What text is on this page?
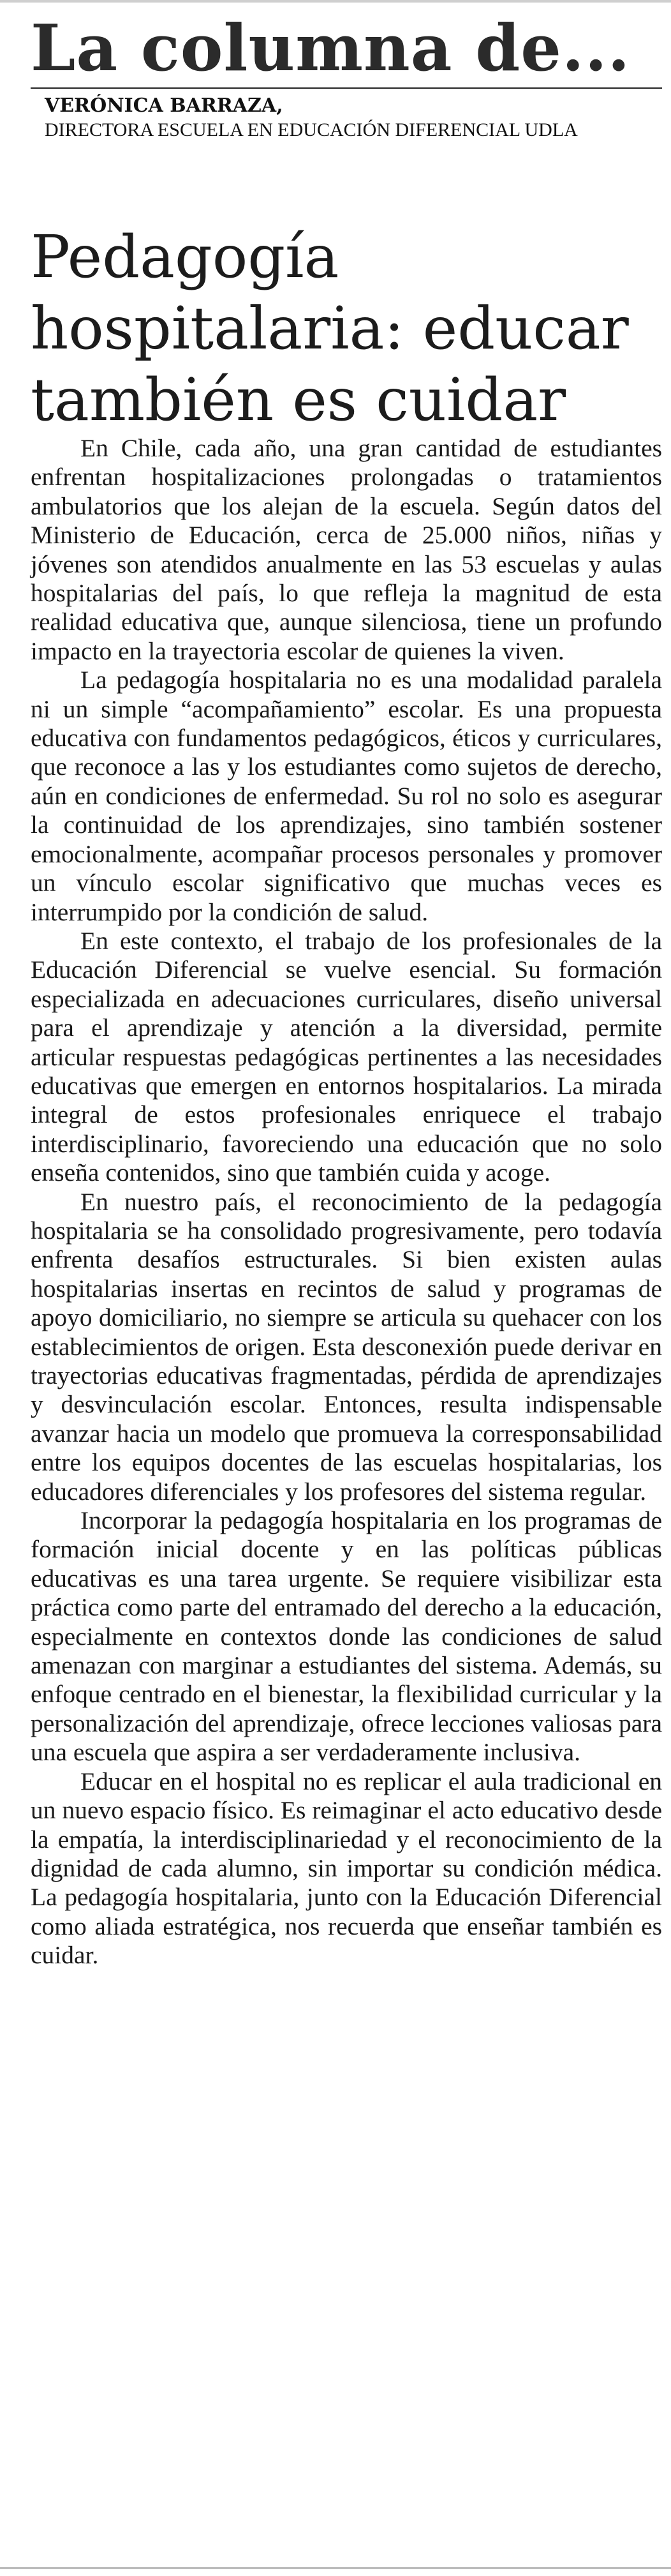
La columna de...
VERÓNICA BARRAZA,
DIRECTORA ESCUELA EN EDUCACIÓN DIFERENCIAL UDLA
Pedagogía
hospitalaria: educar
también es cuidar

En Chile, cada año, una gran cantidad de estudiantes enfrentan hospitalizaciones prolongadas o tratamientos ambulatorios que los alejan de la escuela. Según datos del Ministerio de Educación, cerca de 25.000 niños, niñas y jóvenes son atendidos anualmente en las 53 escuelas y aulas hospitalarias del país, lo que refleja la magnitud de esta realidad educativa que, aunque silenciosa, tiene un profundo impacto en la trayectoria escolar de quienes la viven.

La pedagogía hospitalaria no es una modalidad paralela ni un simple “acompañamiento” escolar. Es una propuesta educativa con fundamentos pedagógicos, éticos y curriculares, que reconoce a las y los estudiantes como sujetos de derecho, aún en condiciones de enfermedad. Su rol no solo es asegurar la continuidad de los aprendizajes, sino también sostener emocionalmente, acompañar procesos personales y promover un vínculo escolar significativo que muchas veces es interrumpido por la condición de salud.

En este contexto, el trabajo de los profesionales de la Educación Diferencial se vuelve esencial. Su formación especializada en adecuaciones curriculares, diseño universal para el aprendizaje y atención a la diversidad, permite articular respuestas pedagógicas pertinentes a las necesidades educativas que emergen en entornos hospitalarios. La mirada integral de estos profesionales enriquece el trabajo interdisciplinario, favoreciendo una educación que no solo enseña contenidos, sino que también cuida y acoge.

En nuestro país, el reconocimiento de la pedagogía hospitalaria se ha consolidado progresivamente, pero todavía enfrenta desafíos estructurales. Si bien existen aulas hospitalarias insertas en recintos de salud y programas de apoyo domiciliario, no siempre se articula su quehacer con los establecimientos de origen. Esta desconexión puede derivar en trayectorias educativas fragmentadas, pérdida de aprendizajes y desvinculación escolar. Entonces, resulta indispensable avanzar hacia un modelo que promueva la corresponsabilidad entre los equipos docentes de las escuelas hospitalarias, los educadores diferenciales y los profesores del sistema regular.

Incorporar la pedagogía hospitalaria en los programas de formación inicial docente y en las políticas públicas educativas es una tarea urgente. Se requiere visibilizar esta práctica como parte del entramado del derecho a la educación, especialmente en contextos donde las condiciones de salud amenazan con marginar a estudiantes del sistema. Además, su enfoque centrado en el bienestar, la flexibilidad curricular y la personalización del aprendizaje, ofrece lecciones valiosas para una escuela que aspira a ser verdaderamente inclusiva.

Educar en el hospital no es replicar el aula tradicional en un nuevo espacio físico. Es reimaginar el acto educativo desde la empatía, la interdisciplinariedad y el reconocimiento de la dignidad de cada alumno, sin importar su condición médica. La pedagogía hospitalaria, junto con la Educación Diferencial como aliada estratégica, nos recuerda que enseñar también es cuidar.
